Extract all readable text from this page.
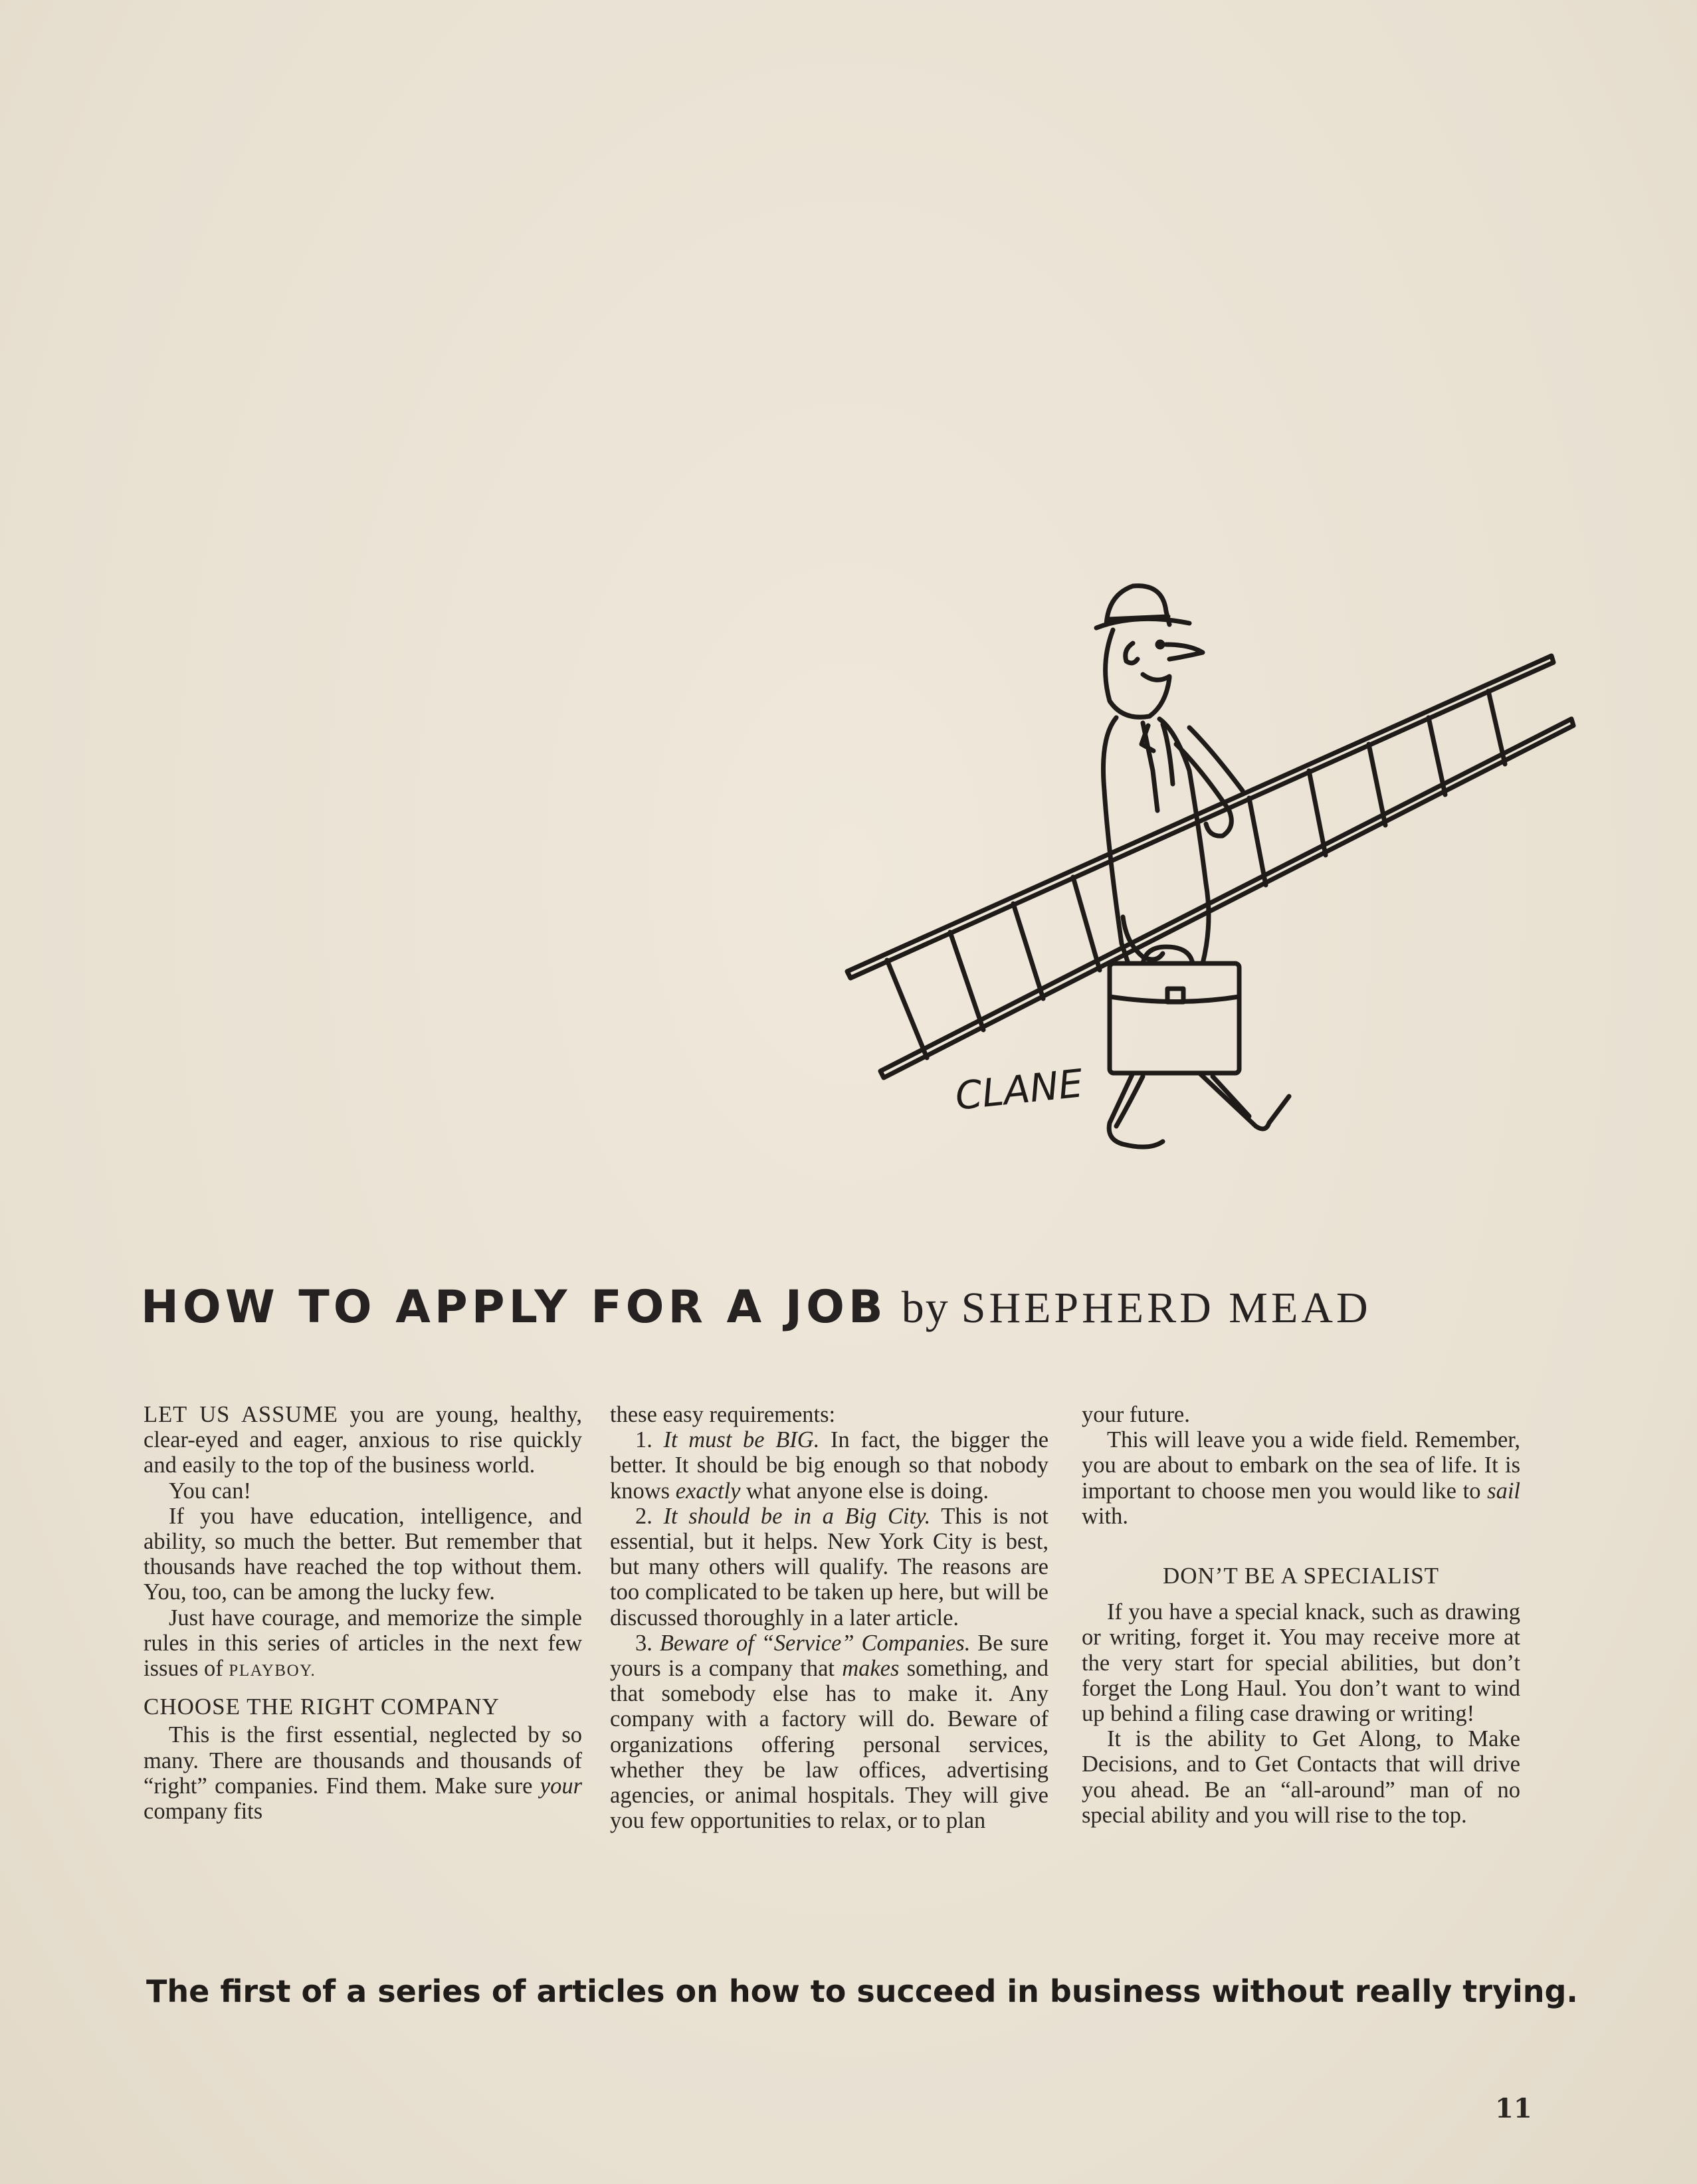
CLANE
HOW TO APPLY FOR A JOB by SHEPHERD MEAD

LET US ASSUME you are young, healthy, clear-eyed and eager, anxious to rise quickly and easily to the top of the business world.

You can!

If you have education, intelligence, and ability, so much the better. But remember that thousands have reached the top without them. You, too, can be among the lucky few.

Just have courage, and memorize the simple rules in this series of articles in the next few issues of PLAYBOY.

CHOOSE THE RIGHT COMPANY

This is the first essential, neglected by so many. There are thousands and thousands of “right” companies. Find them. Make sure your company fits

these easy requirements:

1. It must be BIG. In fact, the bigger the better. It should be big enough so that nobody knows exactly what anyone else is doing.

2. It should be in a Big City. This is not essential, but it helps. New York City is best, but many others will qualify. The reasons are too complicated to be taken up here, but will be discussed thoroughly in a later article.

3. Beware of “Service” Companies. Be sure yours is a company that makes something, and that somebody else has to make it. Any company with a factory will do. Beware of organizations offering personal services, whether they be law offices, advertising agencies, or animal hospitals. They will give you few opportunities to relax, or to plan

your future.

This will leave you a wide field. Remember, you are about to embark on the sea of life. It is important to choose men you would like to sail with.

DON’T BE A SPECIALIST

If you have a special knack, such as drawing or writing, forget it. You may receive more at the very start for special abilities, but don’t forget the Long Haul. You don’t want to wind up behind a filing case drawing or writing!

It is the ability to Get Along, to Make Decisions, and to Get Contacts that will drive you ahead. Be an “all-around” man of no special ability and you will rise to the top.

The first of a series of articles on how to succeed in business without really trying.
11
